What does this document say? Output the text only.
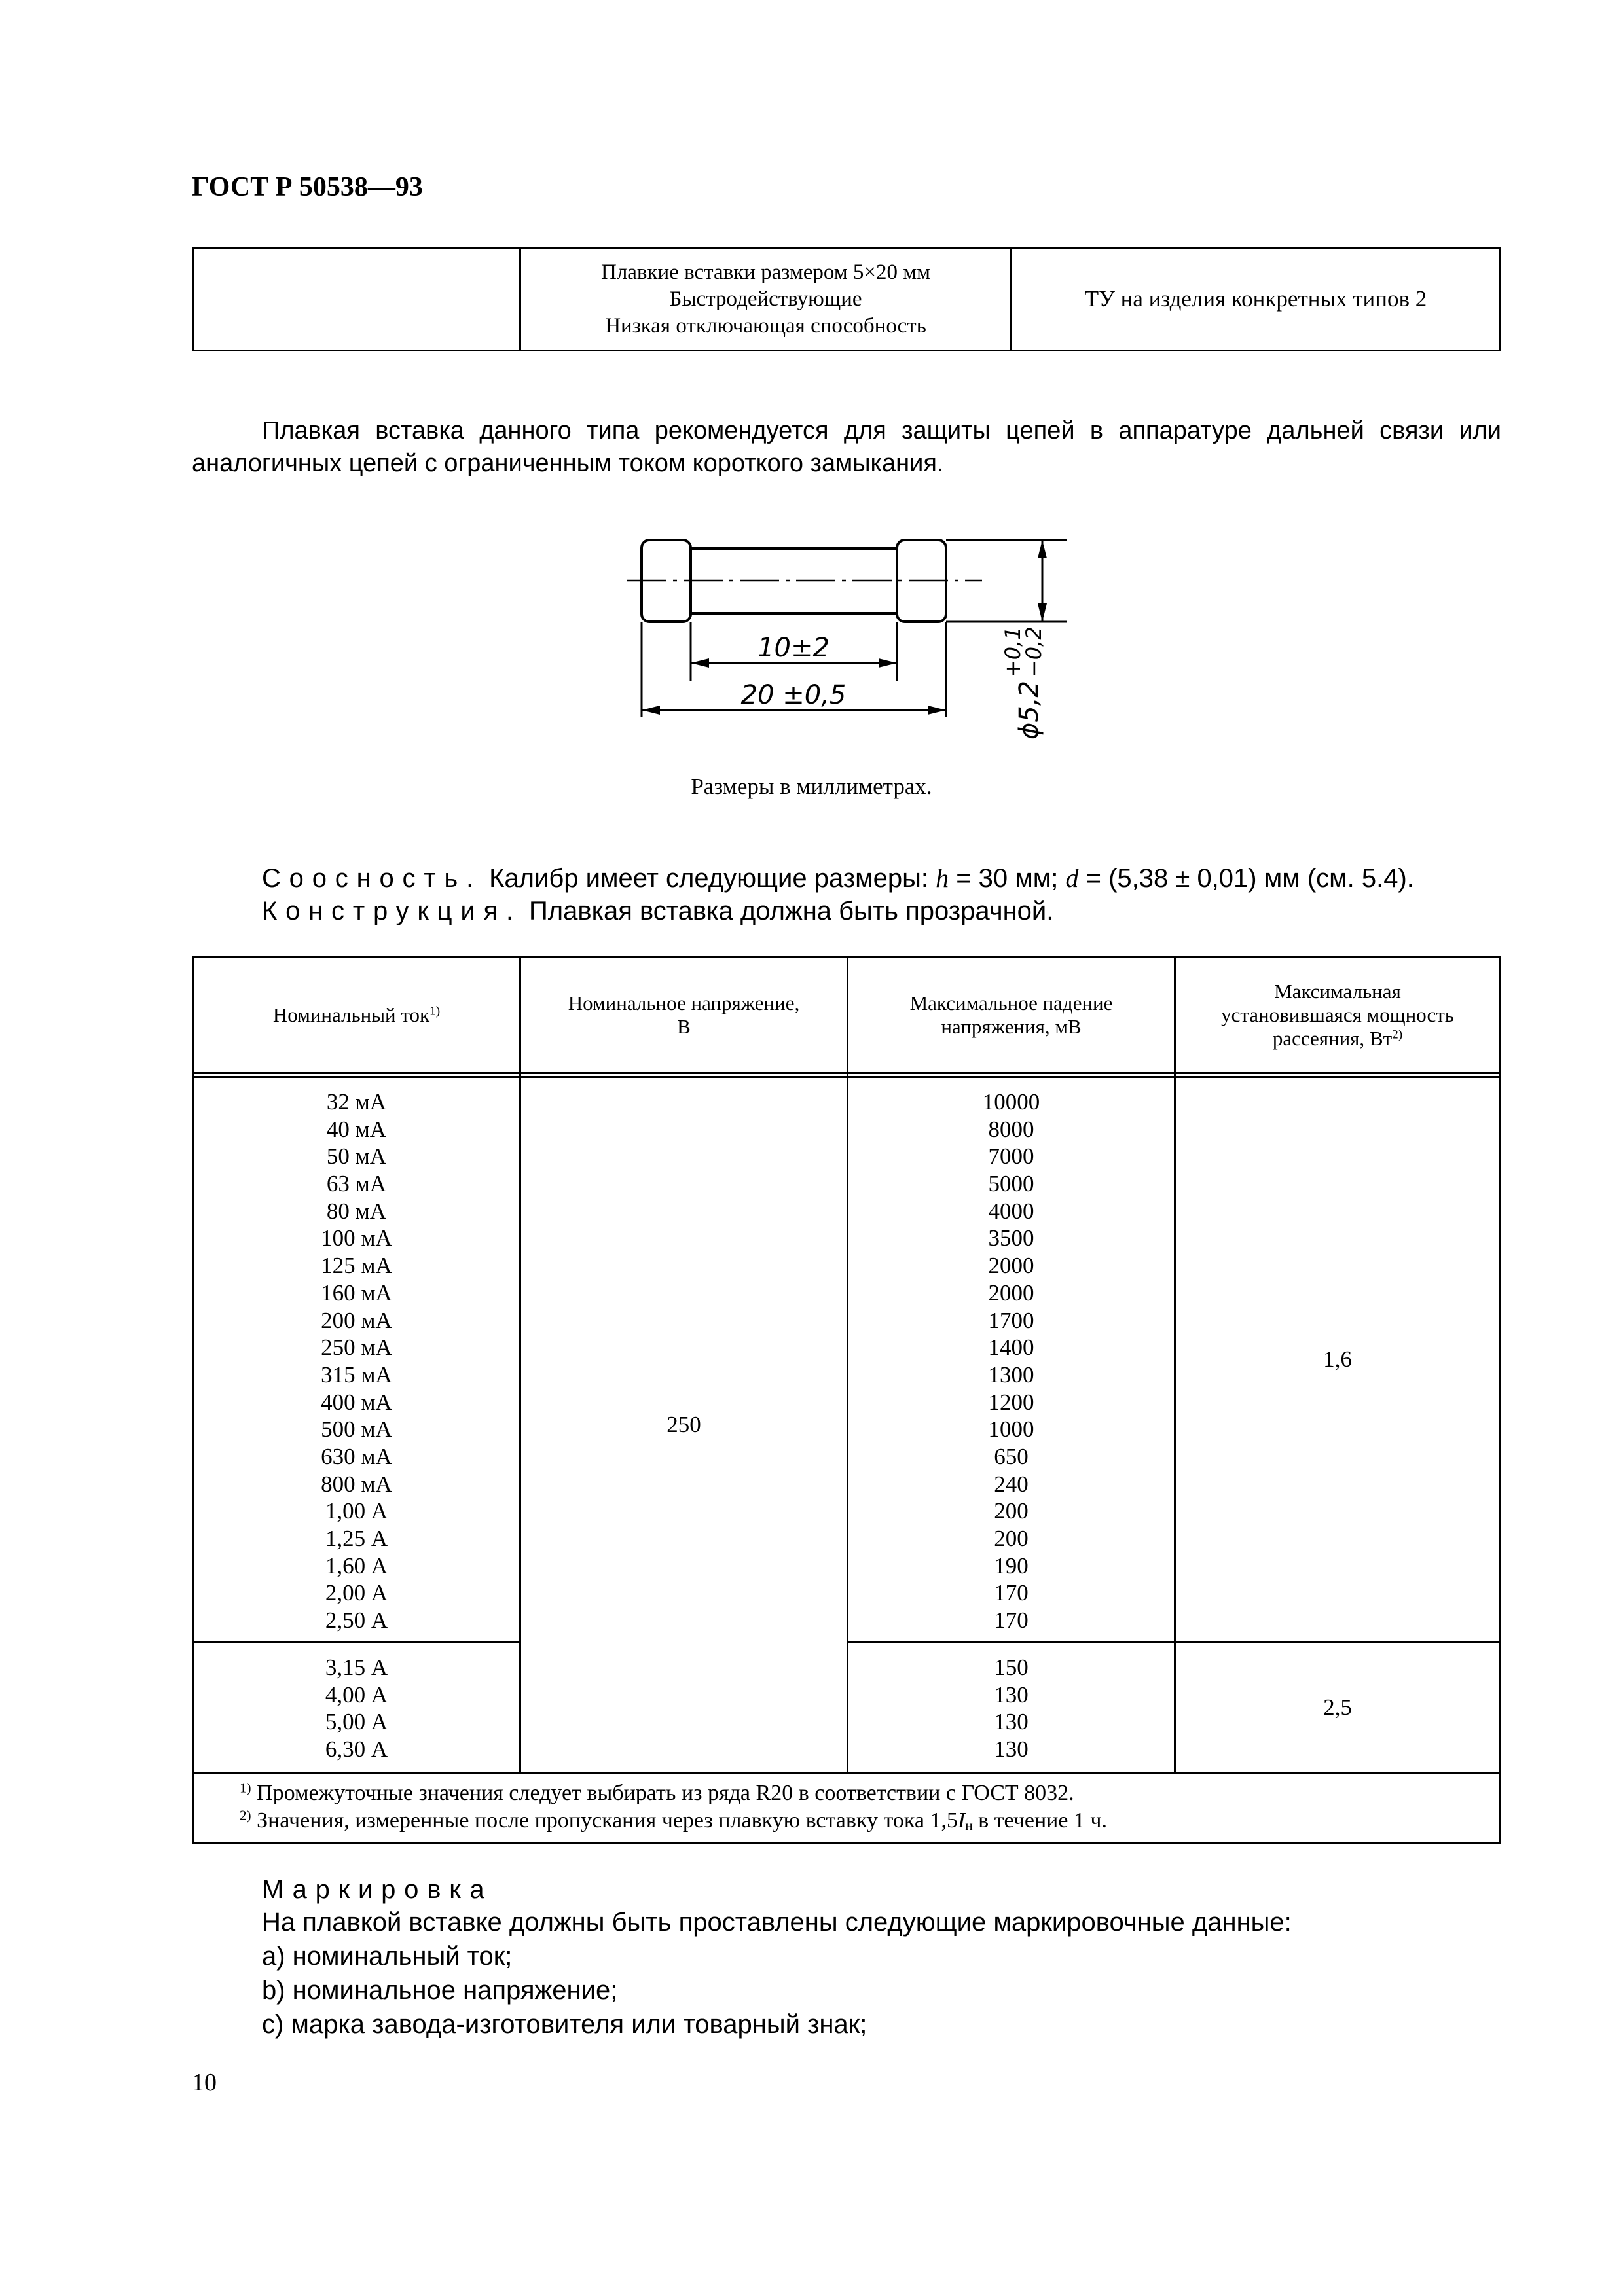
ГОСТ Р 50538—93
Плавкие вставки размером 5×20 мм
Быстродействующие
Низкая отключающая способность
ТУ на изделия конкретных типов 2
Плавкая вставка данного типа рекомендуется для защиты цепей в аппаратуре дальней связи или аналогичных цепей с ограниченным током короткого замыкания.
10±2
20 ±0,5	ϕ5,2
+0,1
−0,2
Размеры в миллиметрах.
Соосность. Калибр имеет следующие размеры: h = 30 мм; d = (5,38 ± 0,01) мм (см. 5.4).
Конструкция. Плавкая вставка должна быть прозрачной.
Номинальный ток$^{1)}$	Номинальное напряжение,
В
Максимальное падение
напряжения, мВ
Максимальная
установившаяся мощность
рассеяния, $Вт^{2)}$
32 мА
40 мА
50 мА
63 мА
80 мА
100 мА
125 мА
160 мА
200 мА
250 мА
315 мА
400 мА
500 мА
630 мА
800 мА
1,00 А
1,25 А
1,60 А
2,00 А
2,50 А
10000
8000
7000
5000
4000
3500
2000
2000
1700
1400
1300
1200
1000
650
240
200
200
190
170
170
1,6
250
3,15 А
4,00 А
5,00 А
6,30 А
150
130
130
130
2,5
$^{1)}$ Промежуточные значения следует выбирать из ряда R20 в соответствии с ГОСТ 8032.
$^{2)}$ Значения, измеренные после пропускания через плавкую вставку тока $1,5I_н$ в течение 1 ч.
Маркировка
На плавкой вставке должны быть проставлены следующие маркировочные данные:
a) номинальный ток;
b) номинальное напряжение;
c) марка завода-изготовителя или товарный знак;
10
